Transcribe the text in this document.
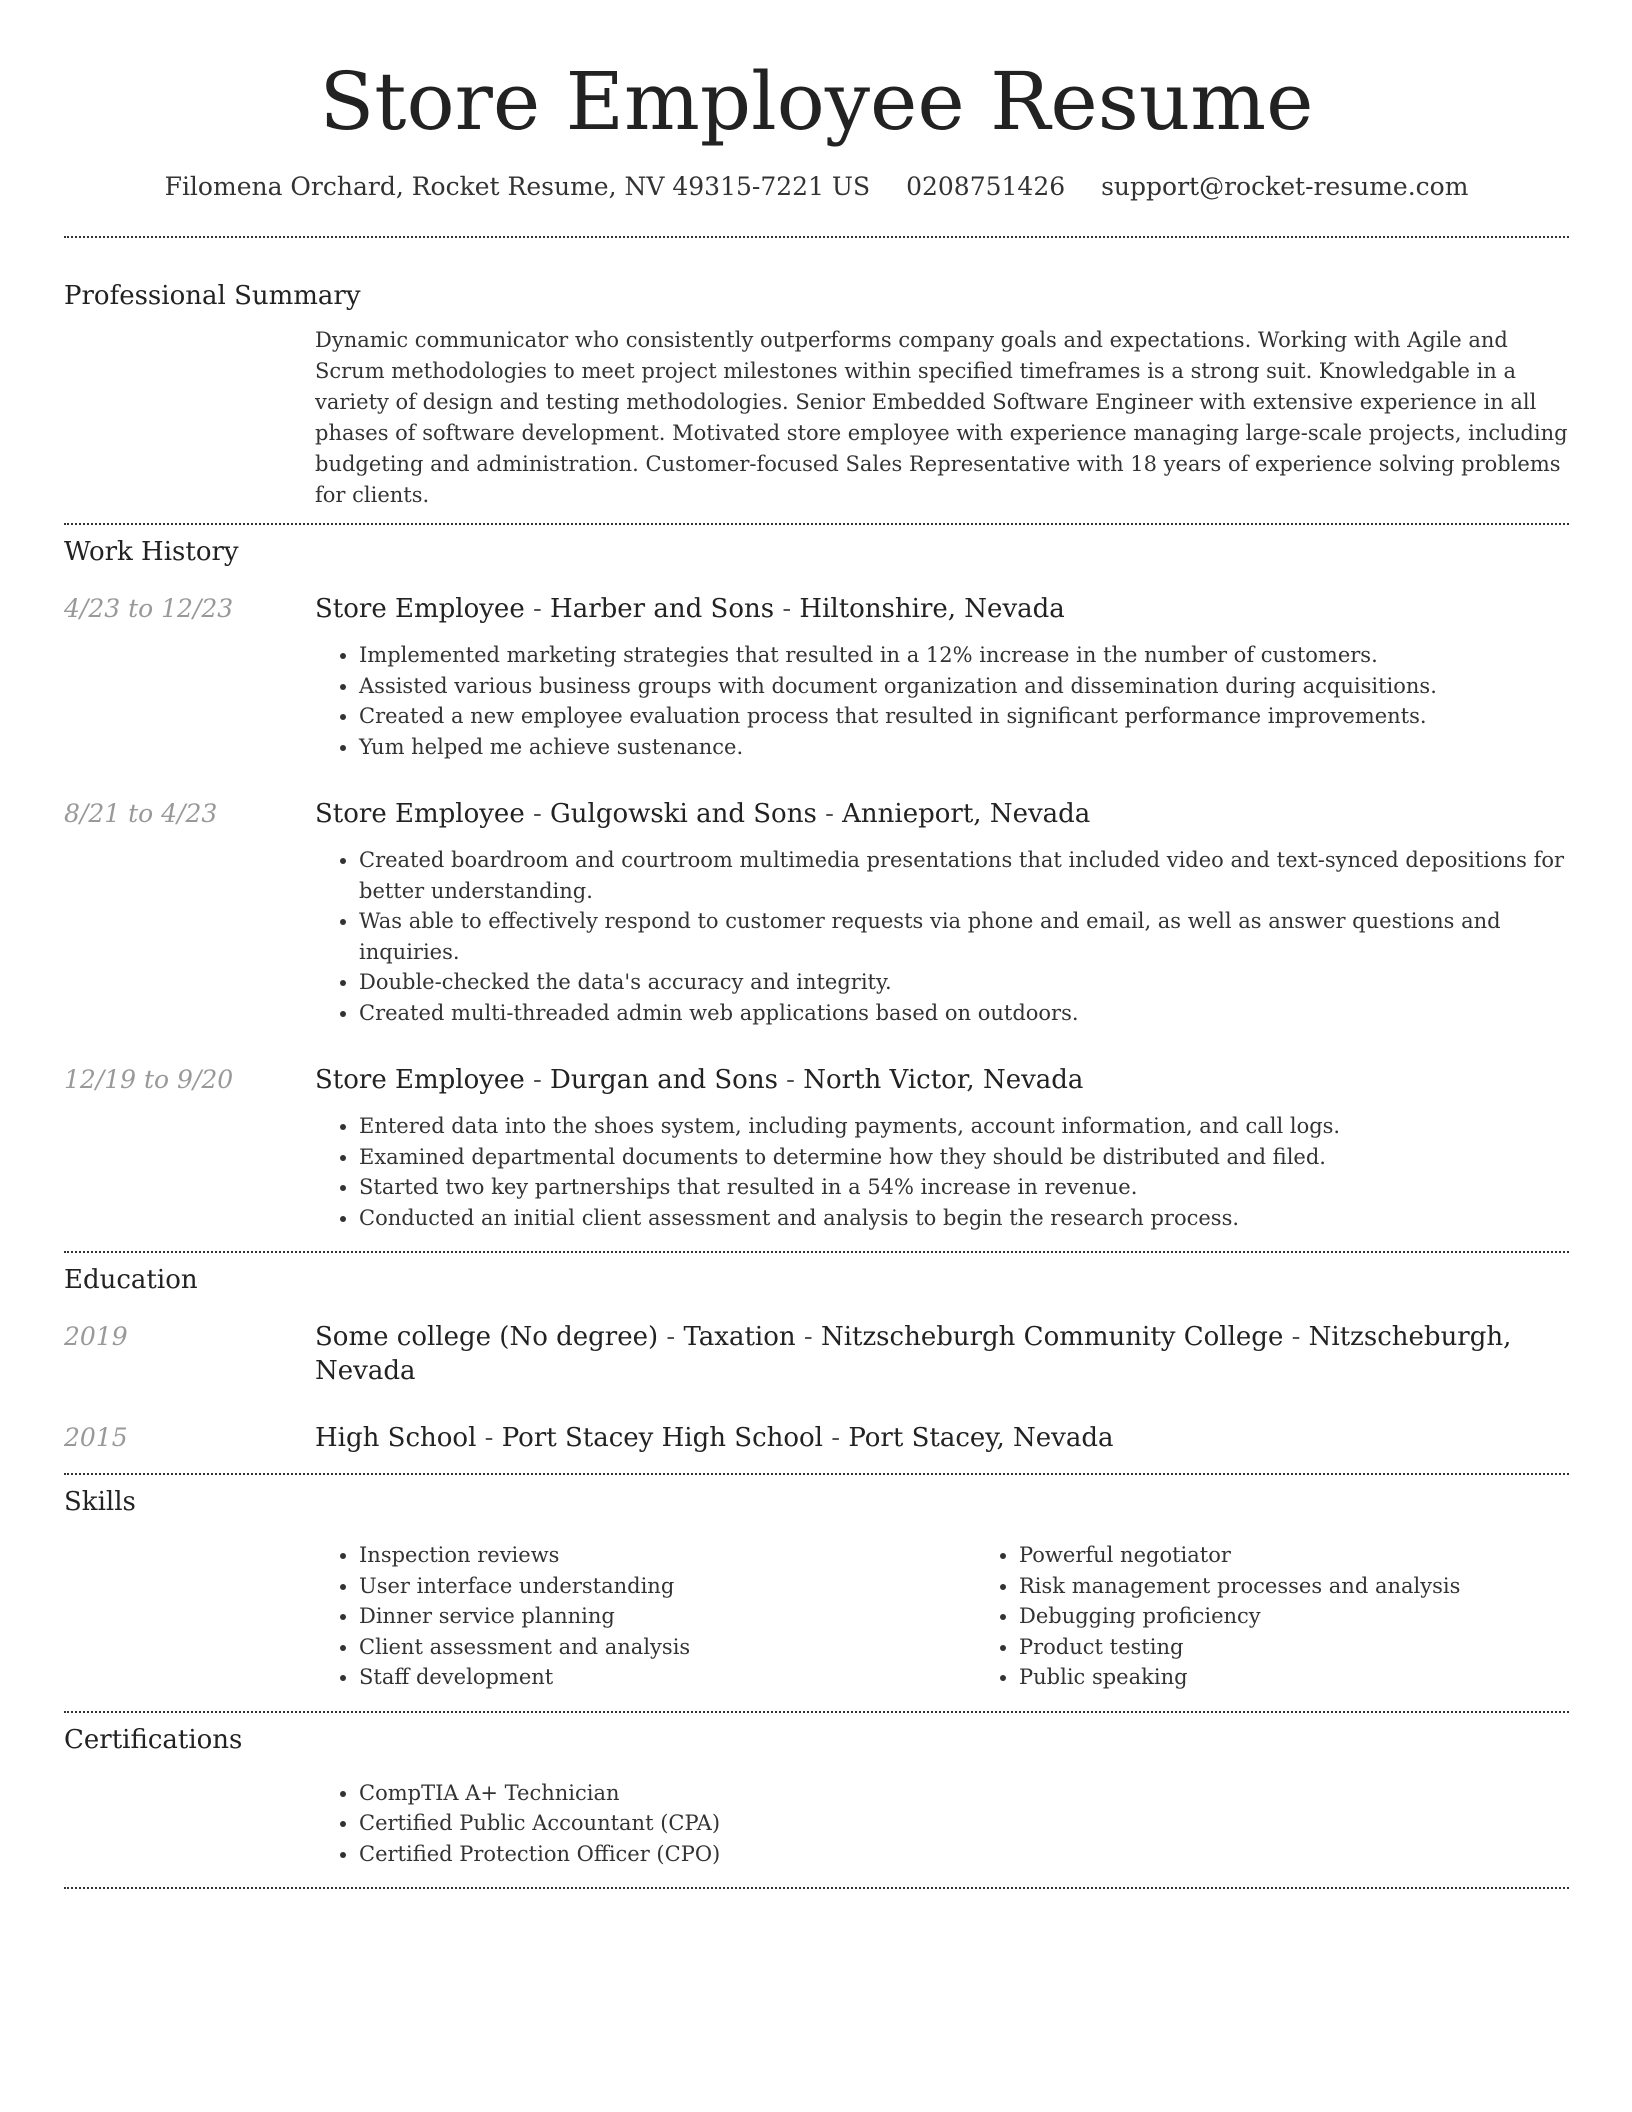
Store Employee Resume
Filomena Orchard, Rocket Resume, NV 49315-7221 US 0208751426 support@rocket-resume.com
Professional Summary

Dynamic communicator who consistently outperforms company goals and expectations. Working with Agile and Scrum methodologies to meet project milestones within specified timeframes is a strong suit. Knowledgable in a variety of design and testing methodologies. Senior Embedded Software Engineer with extensive experience in all phases of software development. Motivated store employee with experience managing large-scale projects, including budgeting and administration. Customer-focused Sales Representative with 18 years of experience solving problems for clients.

Work History
4/23 to 12/23	Store Employee - Harber and Sons - Hiltonshire, Nevada
• Implemented marketing strategies that resulted in a 12% increase in the number of customers.
• Assisted various business groups with document organization and dissemination during acquisitions.
• Created a new employee evaluation process that resulted in significant performance improvements.
• Yum helped me achieve sustenance.
8/21 to 4/23	Store Employee - Gulgowski and Sons - Annieport, Nevada
• Created boardroom and courtroom multimedia presentations that included video and text-synced depositions for better understanding.
• Was able to effectively respond to customer requests via phone and email, as well as answer questions and inquiries.
• Double-checked the data's accuracy and integrity.
• Created multi-threaded admin web applications based on outdoors.
12/19 to 9/20	Store Employee - Durgan and Sons - North Victor, Nevada
• Entered data into the shoes system, including payments, account information, and call logs.
• Examined departmental documents to determine how they should be distributed and filed.
• Started two key partnerships that resulted in a 54% increase in revenue.
• Conducted an initial client assessment and analysis to begin the research process.
Education
2019	Some college (No degree) - Taxation - Nitzscheburgh Community College - Nitzscheburgh, Nevada
2015	High School - Port Stacey High School - Port Stacey, Nevada
Skills
• Inspection reviews
• User interface understanding
• Dinner service planning
• Client assessment and analysis
• Staff development
• Powerful negotiator
• Risk management processes and analysis
• Debugging proficiency
• Product testing
• Public speaking
Certifications
• CompTIA A+ Technician
• Certified Public Accountant (CPA)
• Certified Protection Officer (CPO)
